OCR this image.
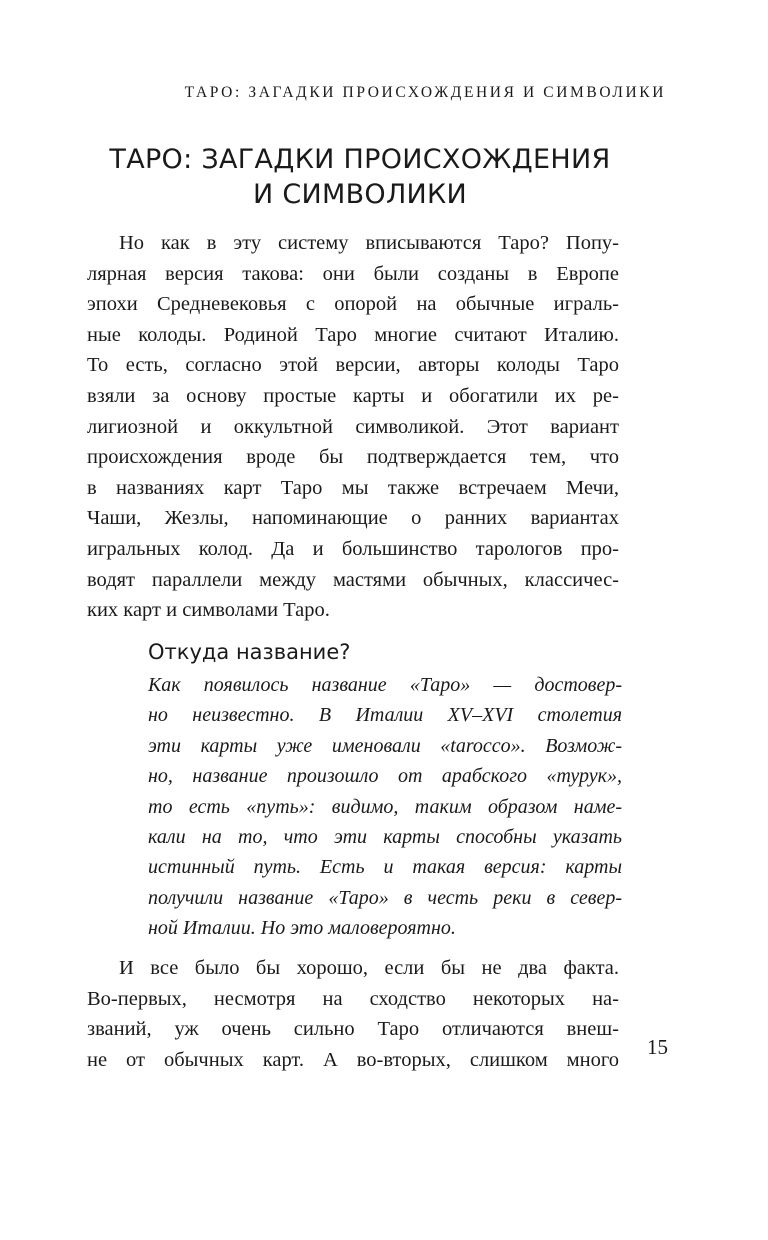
ТАРО: ЗАГАДКИ ПРОИСХОЖДЕНИЯ И СИМВОЛИКИ
ТАРО: ЗАГАДКИ ПРОИСХОЖДЕНИЯ
И СИМВОЛИКИ
Но как в эту систему вписываются Таро? Попу-
лярная версия такова: они были созданы в Европе
эпохи Средневековья с опорой на обычные играль-
ные колоды. Родиной Таро многие считают Италию.
То есть, согласно этой версии, авторы колоды Таро
взяли за основу простые карты и обогатили их ре-
лигиозной и оккультной символикой. Этот вариант
происхождения вроде бы подтверждается тем, что
в названиях карт Таро мы также встречаем Мечи,
Чаши, Жезлы, напоминающие о ранних вариантах
игральных колод. Да и большинство тарологов про-
водят параллели между мастями обычных, классичес-
ких карт и символами Таро.
Откуда название?
Как появилось название «Таро» — достовер-
но неизвестно. В Италии XV–XVI столетия
эти карты уже именовали «tarocco». Возмож-
но, название произошло от арабского «турук»,
то есть «путь»: видимо, таким образом наме-
кали на то, что эти карты способны указать
истинный путь. Есть и такая версия: карты
получили название «Таро» в честь реки в север-
ной Италии. Но это маловероятно.
И все было бы хорошо, если бы не два факта.
Во-первых, несмотря на сходство некоторых на-
званий, уж очень сильно Таро отличаются внеш-
не от обычных карт. А во-вторых, слишком много
15
